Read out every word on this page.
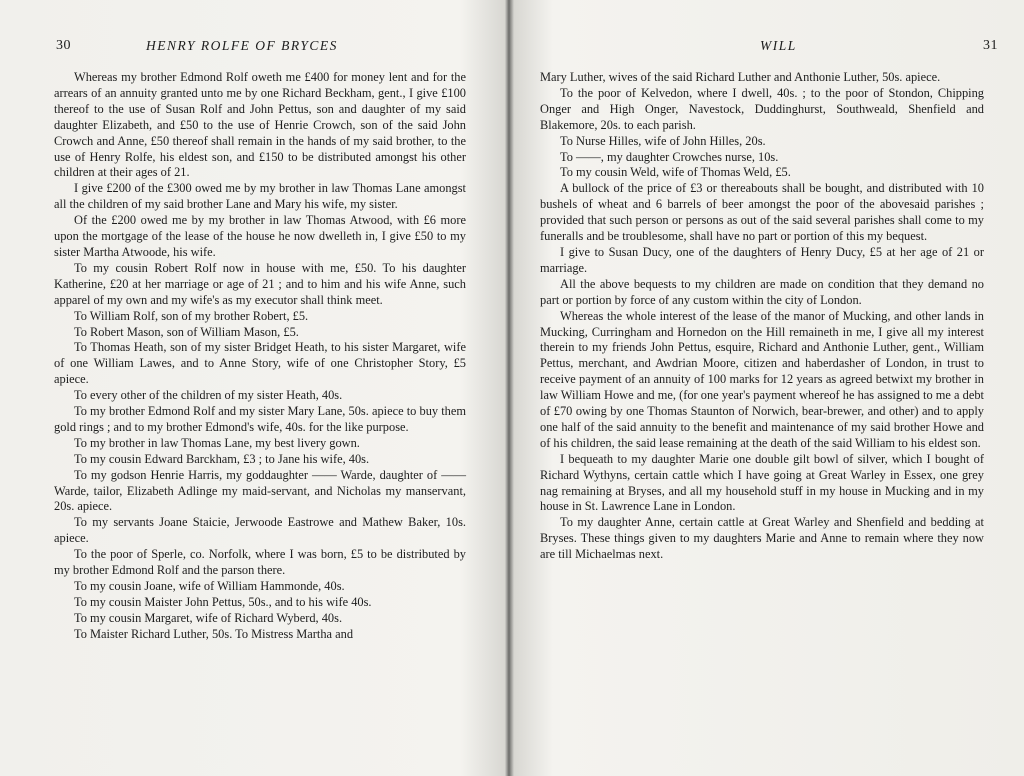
30	HENRY ROLFE OF BRYCES

Whereas my brother Edmond Rolf oweth me £400 for money lent and for the arrears of an annuity granted unto me by one Richard Beckham, gent., I give £100 thereof to the use of Susan Rolf and John Pettus, son and daughter of my said daughter Elizabeth, and £50 to the use of Henrie Crowch, son of the said John Crowch and Anne, £50 thereof shall remain in the hands of my said brother, to the use of Henry Rolfe, his eldest son, and £150 to be distributed amongst his other children at their ages of 21.

I give £200 of the £300 owed me by my brother in law Thomas Lane amongst all the children of my said brother Lane and Mary his wife, my sister.

Of the £200 owed me by my brother in law Thomas Atwood, with £6 more upon the mortgage of the lease of the house he now dwelleth in, I give £50 to my sister Martha Atwoode, his wife.

To my cousin Robert Rolf now in house with me, £50. To his daughter Katherine, £20 at her marriage or age of 21 ; and to him and his wife Anne, such apparel of my own and my wife's as my executor shall think meet.

To William Rolf, son of my brother Robert, £5.

To Robert Mason, son of William Mason, £5.

To Thomas Heath, son of my sister Bridget Heath, to his sister Margaret, wife of one William Lawes, and to Anne Story, wife of one Christopher Story, £5 apiece.

To every other of the children of my sister Heath, 40s.

To my brother Edmond Rolf and my sister Mary Lane, 50s. apiece to buy them gold rings ; and to my brother Edmond's wife, 40s. for the like purpose.

To my brother in law Thomas Lane, my best livery gown.

To my cousin Edward Barckham, £3 ; to Jane his wife, 40s.

To my godson Henrie Harris, my goddaughter —— Warde, daughter of —— Warde, tailor, Elizabeth Adlinge my maid-servant, and Nicholas my manservant, 20s. apiece.

To my servants Joane Staicie, Jerwoode Eastrowe and Mathew Baker, 10s. apiece.

To the poor of Sperle, co. Norfolk, where I was born, £5 to be distributed by my brother Edmond Rolf and the parson there.

To my cousin Joane, wife of William Hammonde, 40s.

To my cousin Maister John Pettus, 50s., and to his wife 40s.

To my cousin Margaret, wife of Richard Wyberd, 40s.

To Maister Richard Luther, 50s. To Mistress Martha and

WILL	31

Mary Luther, wives of the said Richard Luther and Anthonie Luther, 50s. apiece.

To the poor of Kelvedon, where I dwell, 40s. ; to the poor of Stondon, Chipping Onger and High Onger, Navestock, Duddinghurst, Southweald, Shenfield and Blakemore, 20s. to each parish.

To Nurse Hilles, wife of John Hilles, 20s.

To ——, my daughter Crowches nurse, 10s.

To my cousin Weld, wife of Thomas Weld, £5.

A bullock of the price of £3 or thereabouts shall be bought, and distributed with 10 bushels of wheat and 6 barrels of beer amongst the poor of the abovesaid parishes ; provided that such person or persons as out of the said several parishes shall come to my funeralls and be troublesome, shall have no part or portion of this my bequest.

I give to Susan Ducy, one of the daughters of Henry Ducy, £5 at her age of 21 or marriage.

All the above bequests to my children are made on condition that they demand no part or portion by force of any custom within the city of London.

Whereas the whole interest of the lease of the manor of Mucking, and other lands in Mucking, Curringham and Hornedon on the Hill remaineth in me, I give all my interest therein to my friends John Pettus, esquire, Richard and Anthonie Luther, gent., William Pettus, merchant, and Awdrian Moore, citizen and haberdasher of London, in trust to receive payment of an annuity of 100 marks for 12 years as agreed betwixt my brother in law William Howe and me, (for one year's payment whereof he has assigned to me a debt of £70 owing by one Thomas Staunton of Norwich, bear-brewer, and other) and to apply one half of the said annuity to the benefit and maintenance of my said brother Howe and of his children, the said lease remaining at the death of the said William to his eldest son.

I bequeath to my daughter Marie one double gilt bowl of silver, which I bought of Richard Wythyns, certain cattle which I have going at Great Warley in Essex, one grey nag remaining at Bryses, and all my household stuff in my house in Mucking and in my house in St. Lawrence Lane in London.

To my daughter Anne, certain cattle at Great Warley and Shenfield and bedding at Bryses. These things given to my daughters Marie and Anne to remain where they now are till Michaelmas next.
